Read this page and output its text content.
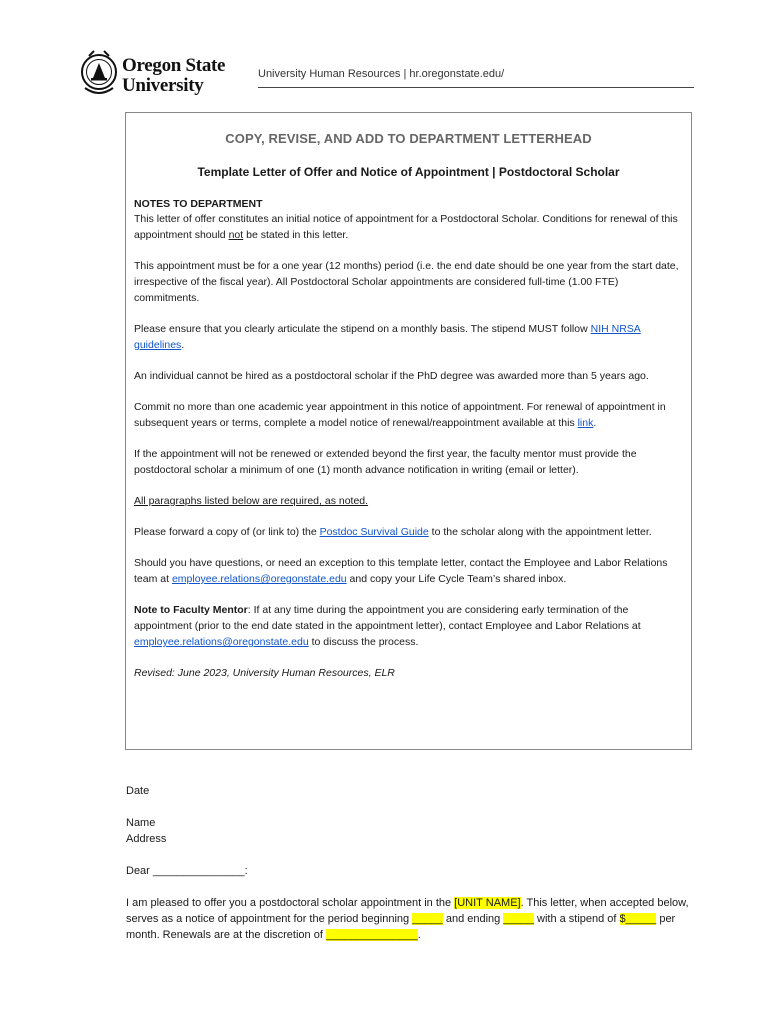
Oregon State
University
University Human Resources | hr.oregonstate.edu/
COPY, REVISE, AND ADD TO DEPARTMENT LETTERHEAD
Template Letter of Offer and Notice of Appointment | Postdoctoral Scholar
NOTES TO DEPARTMENT

This letter of offer constitutes an initial notice of appointment for a Postdoctoral Scholar. Conditions for renewal of this appointment should not be stated in this letter.

This appointment must be for a one year (12 months) period (i.e. the end date should be one year from the start date, irrespective of the fiscal year). All Postdoctoral Scholar appointments are considered full-time (1.00 FTE) commitments.

Please ensure that you clearly articulate the stipend on a monthly basis. The stipend MUST follow NIH NRSA guidelines.

An individual cannot be hired as a postdoctoral scholar if the PhD degree was awarded more than 5 years ago.

Commit no more than one academic year appointment in this notice of appointment. For renewal of appointment in subsequent years or terms, complete a model notice of renewal/reappointment available at this link.

If the appointment will not be renewed or extended beyond the first year, the faculty mentor must provide the postdoctoral scholar a minimum of one (1) month advance notification in writing (email or letter).

All paragraphs listed below are required, as noted.

Please forward a copy of (or link to) the Postdoc Survival Guide to the scholar along with the appointment letter.

Should you have questions, or need an exception to this template letter, contact the Employee and Labor Relations team at employee.relations@oregonstate.edu and copy your Life Cycle Team’s shared inbox.

Note to Faculty Mentor: If at any time during the appointment you are considering early termination of the appointment (prior to the end date stated in the appointment letter), contact Employee and Labor Relations at employee.relations@oregonstate.edu to discuss the process.

Revised: June 2023, University Human Resources, ELR

Date

Name
Address

Dear _______________:

I am pleased to offer you a postdoctoral scholar appointment in the [UNIT NAME]. This letter, when accepted below, serves as a notice of appointment for the period beginning _____ and ending _____ with a stipend of $_____ per month. Renewals are at the discretion of _______________.
